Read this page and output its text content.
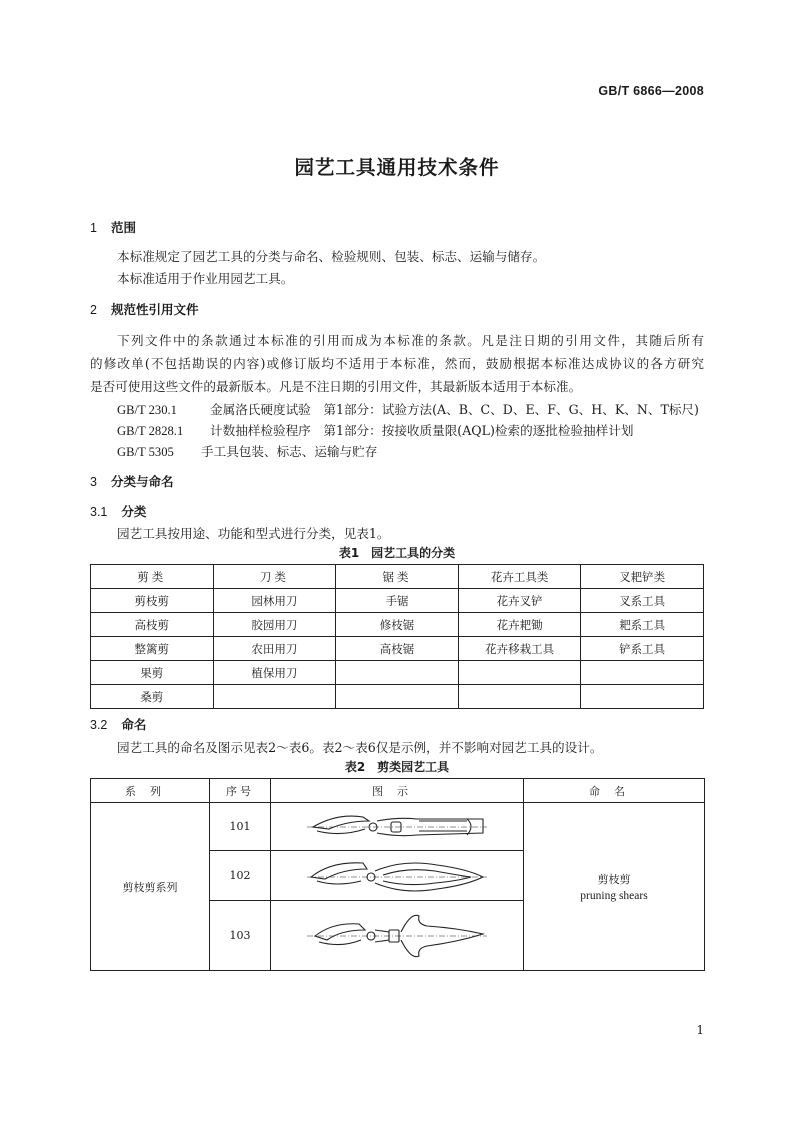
GB/T 6866—2008
园艺工具通用技术条件
1 范围
本标准规定了园艺工具的分类与命名、检验规则、包装、标志、运输与储存。
本标准适用于作业用园艺工具。
2 规范性引用文件
下列文件中的条款通过本标准的引用而成为本标准的条款。凡是注日期的引用文件，其随后所有
的修改单(不包括勘误的内容)或修订版均不适用于本标准，然而，鼓励根据本标准达成协议的各方研究
是否可使用这些文件的最新版本。凡是不注日期的引用文件，其最新版本适用于本标准。
GB/T 230.1	金属洛氏硬度试验　第1部分：试验方法(A、B、C、D、E、F、G、H、K、N、T标尺)
GB/T 2828.1 计数抽样检验程序　第1部分：按接收质量限(AQL)检索的逐批检验抽样计划
GB/T 5305 手工具包装、标志、运输与贮存
3 分类与命名
3.1 分类
园艺工具按用途、功能和型式进行分类，见表1。
表1　园艺工具的分类
剪类	刀类	锯类	花卉工具类	叉耙铲类
剪枝剪	园林用刀	手锯	花卉叉铲	叉系工具
高枝剪	胶园用刀	修枝锯	花卉耙锄	耙系工具
整篱剪	农田用刀	高枝锯	花卉移栽工具	铲系工具
果剪	植保用刀			
桑剪				
3.2 命名
园艺工具的命名及图示见表2～表6。表2～表6仅是示例，并不影响对园艺工具的设计。
表2　剪类园艺工具
系列	序号	图示	命名
剪枝剪系列	101		剪枝剪
pruning shears

	102	

	103	
1
